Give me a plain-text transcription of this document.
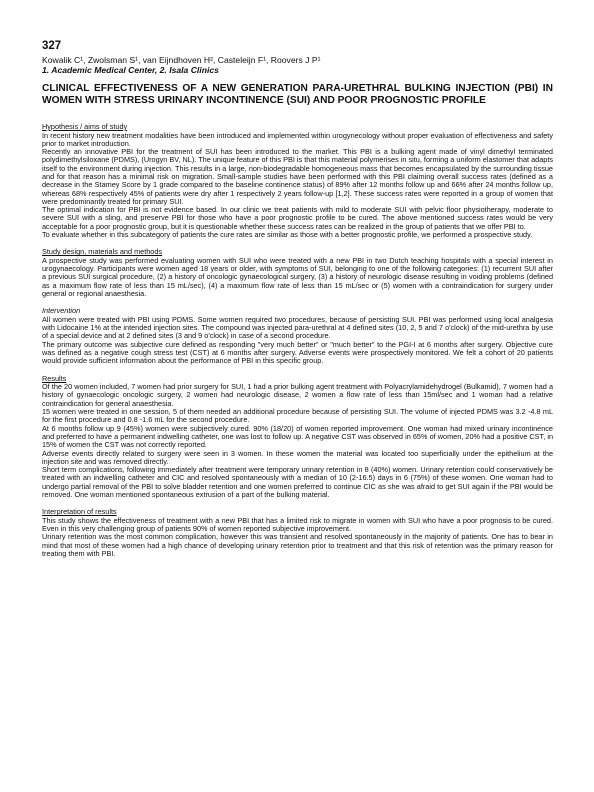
327
Kowalik C¹, Zwolsman S¹, van Eijndhoven H², Casteleijn F¹, Roovers J P¹
1. Academic Medical Center, 2. Isala Clinics
CLINICAL EFFECTIVENESS OF A NEW GENERATION PARA-URETHRAL BULKING INJECTION (PBI) IN WOMEN WITH STRESS URINARY INCONTINENCE (SUI) AND POOR PROGNOSTIC PROFILE
Hypothesis / aims of study

In recent history new treatment modalities have been introduced and implemented within urogynecology without proper evaluation of effectiveness and safety prior to market introduction.

Recently an innovative PBI for the treatment of SUI has been introduced to the market. This PBI is a bulking agent made of vinyl dimethyl terminated polydimethylsiloxane (PDMS), (Urogyn BV, NL). The unique feature of this PBI is that this material polymerises in situ, forming a uniform elastomer that adapts itself to the environment during injection. This results in a large, non-biodegradable homogeneous mass that becomes encapsulated by the surrounding tissue and for that reason has a minimal risk on migration. Small-sample studies have been performed with this PBI claiming overall success rates (defined as a decrease in the Stamey Score by 1 grade compared to the baseline continence status) of 89% after 12 months follow up and 66% after 24 months follow up, whereas 68% respectively 45% of patients were dry after 1 respectively 2 years follow-up [1,2]. These success rates were reported in a group of women that were predominantly treated for primary SUI.

The optimal indication for PBI is not evidence based. In our clinic we treat patients with mild to moderate SUI with pelvic floor physiotherapy, moderate to severe SUI with a sling, and preserve PBI for those who have a poor prognostic profile to be cured. The above mentioned success rates would be very acceptable for a poor prognostic group, but it is questionable whether these success rates can be realized in the group of patients that we offer PBI to.

To evaluate whether in this subcategory of patients the cure rates are similar as those with a better prognostic profile, we performed a prospective study.

Study design, materials and methods

A prospective study was performed evaluating women with SUI who were treated with a new PBI in two Dutch teaching hospitals with a special interest in urogynaecology. Participants were women aged 18 years or older, with symptoms of SUI, belonging to one of the following categories: (1) recurrent SUI after a previous SUI surgical procedure, (2) a history of oncologic gynaecological surgery, (3) a history of neurologic disease resulting in voiding problems (defined as a maximum flow rate of less than 15 mL/sec), (4) a maximum flow rate of less than 15 mL/sec or (5) women with a contraindication for surgery under general or regional anaesthesia.

Intervention

All women were treated with PBI using PDMS. Some women required two procedures, because of persisting SUI. PBI was performed using local analgesia with Lidocaine 1% at the intended injection sites. The compound was injected para-urethral at 4 defined sites (10, 2, 5 and 7 o'clock) of the mid-urethra by use of a special device and at 2 defined sites (3 and 9 o'clock) in case of a second procedure.

The primary outcome was subjective cure defined as responding "very much better" or "much better" to the PGI-I at 6 months after surgery. Objective cure was defined as a negative cough stress test (CST) at 6 months after surgery. Adverse events were prospectively monitored. We felt a cohort of 20 patients would provide sufficient information about the performance of PBI in this specific group.

Results

Of the 20 women included, 7 women had prior surgery for SUI, 1 had a prior bulking agent treatment with Polyacrylamidehydrogel (Bulkamid), 7 women had a history of gynaecologic oncologic surgery, 2 women had neurologic disease, 2 women a flow rate of less than 15ml/sec and 1 woman had a relative contraindication for general anaesthesia.

15 women were treated in one session, 5 of them needed an additional procedure because of persisting SUI. The volume of injected PDMS was 3.2 -4.8 mL for the first procedure and 0.8 -1.6 mL for the second procedure.

At 6 months follow up 9 (45%) women were subjectively cured. 90% (18/20) of women reported improvement. One woman had mixed urinary incontinence and preferred to have a permanent indwelling catheter, one was lost to follow up. A negative CST was observed in 65% of women, 20% had a positive CST, in 15% of women the CST was not correctly reported.

Adverse events directly related to surgery were seen in 3 women. In these women the material was located too superficially under the epithelium at the injection site and was removed directly.

Short term complications, following immediately after treatment were temporary urinary retention in 8 (40%) women. Urinary retention could conservatively be treated with an indwelling catheter and CIC and resolved spontaneously with a median of 10 (2-16.5) days in 6 (75%) of these women. One woman had to undergo partial removal of the PBI to solve bladder retention and one women preferred to continue CIC as she was afraid to get SUI again if the PBI would be removed. One woman mentioned spontaneous extrusion of a part of the bulking material.

Interpretation of results

This study shows the effectiveness of treatment with a new PBI that has a limited risk to migrate in women with SUI who have a poor prognosis to be cured. Even in this very challenging group of patients 90% of women reported subjective improvement.

Urinary retention was the most common complication, however this was transient and resolved spontaneously in the majority of patients. One has to bear in mind that most of these women had a high chance of developing urinary retention prior to treatment and that this risk of retention was the primary reason for treating them with PBI.
